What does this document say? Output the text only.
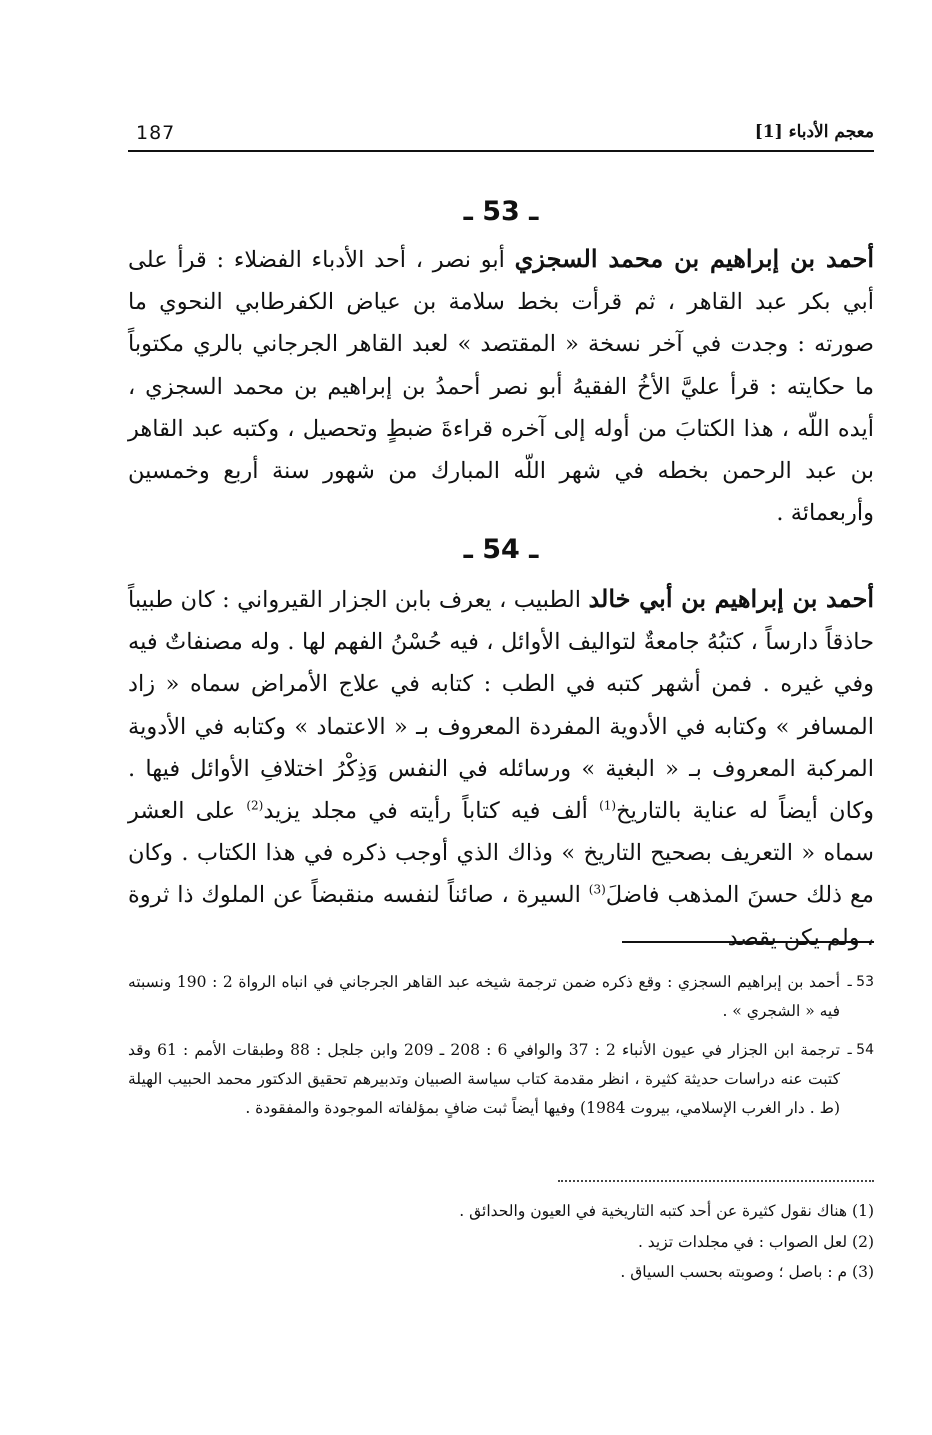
معجم الأدباء [1]
187
ـ 53 ـ
أحمد بن إبراهيم بن محمد السجزي أبو نصر ، أحد الأدباء الفضلاء : قرأ على أبي بكر عبد القاهر ، ثم قرأت بخط سلامة بن عياض الكفرطابي النحوي ما صورته : وجدت في آخر نسخة « المقتصد » لعبد القاهر الجرجاني بالري مكتوباً ما حكايته : قرأ عليَّ الأخُ الفقيهُ أبو نصر أحمدُ بن إبراهيم بن محمد السجزي ، أيده اللّه ، هذا الكتابَ من أوله إلى آخره قراءةَ ضبطٍ وتحصيل ، وكتبه عبد القاهر بن عبد الرحمن بخطه في شهر اللّه المبارك من شهور سنة أربع وخمسين وأربعمائة .
ـ 54 ـ
أحمد بن إبراهيم بن أبي خالد الطبيب ، يعرف بابن الجزار القيرواني : كان طبيباً حاذقاً دارساً ، كتبُهُ جامعةٌ لتواليف الأوائل ، فيه حُسْنُ الفهم لها . وله مصنفاتٌ فيه وفي غيره . فمن أشهر كتبه في الطب : كتابه في علاج الأمراض سماه « زاد المسافر » وكتابه في الأدوية المفردة المعروف بـ « الاعتماد » وكتابه في الأدوية المركبة المعروف بـ « البغية » ورسائله في النفس وَذِكْرُ اختلافِ الأوائل فيها . وكان أيضاً له عناية بالتاريخ$^{(1)}$ ألف فيه كتاباً رأيته في مجلد يزيد$^{(2)}$ على العشر سماه « التعريف بصحيح التاريخ » وذاك الذي أوجب ذكره في هذا الكتاب . وكان مع ذلك حسنَ المذهب فاضلَ$^{(3)}$ السيرة ، صائناً لنفسه منقبضاً عن الملوك ذا ثروة ، ولم يكن يقصد

53 ـ
أحمد بن إبراهيم السجزي : وقع ذكره ضمن ترجمة شيخه عبد القاهر الجرجاني في انباه الرواة 2 : 190 ونسبته فيه « الشجري » .

54 ـ
ترجمة ابن الجزار في عيون الأنباء 2 : 37 والوافي 6 : 208 ـ 209 وابن جلجل : 88 وطبقات الأمم : 61 وقد كتبت عنه دراسات حديثة كثيرة ، انظر مقدمة كتاب سياسة الصبيان وتدبيرهم تحقيق الدكتور محمد الحبيب الهيلة (ط . دار الغرب الإسلامي، بيروت 1984) وفيها أيضاً ثبت ضافٍ بمؤلفاته الموجودة والمفقودة .

(1) هناك نقول كثيرة عن أحد كتبه التاريخية في العيون والحدائق .

(2) لعل الصواب : في مجلدات تزيد .

(3) م : باصل ؛ وصوبته بحسب السياق .
